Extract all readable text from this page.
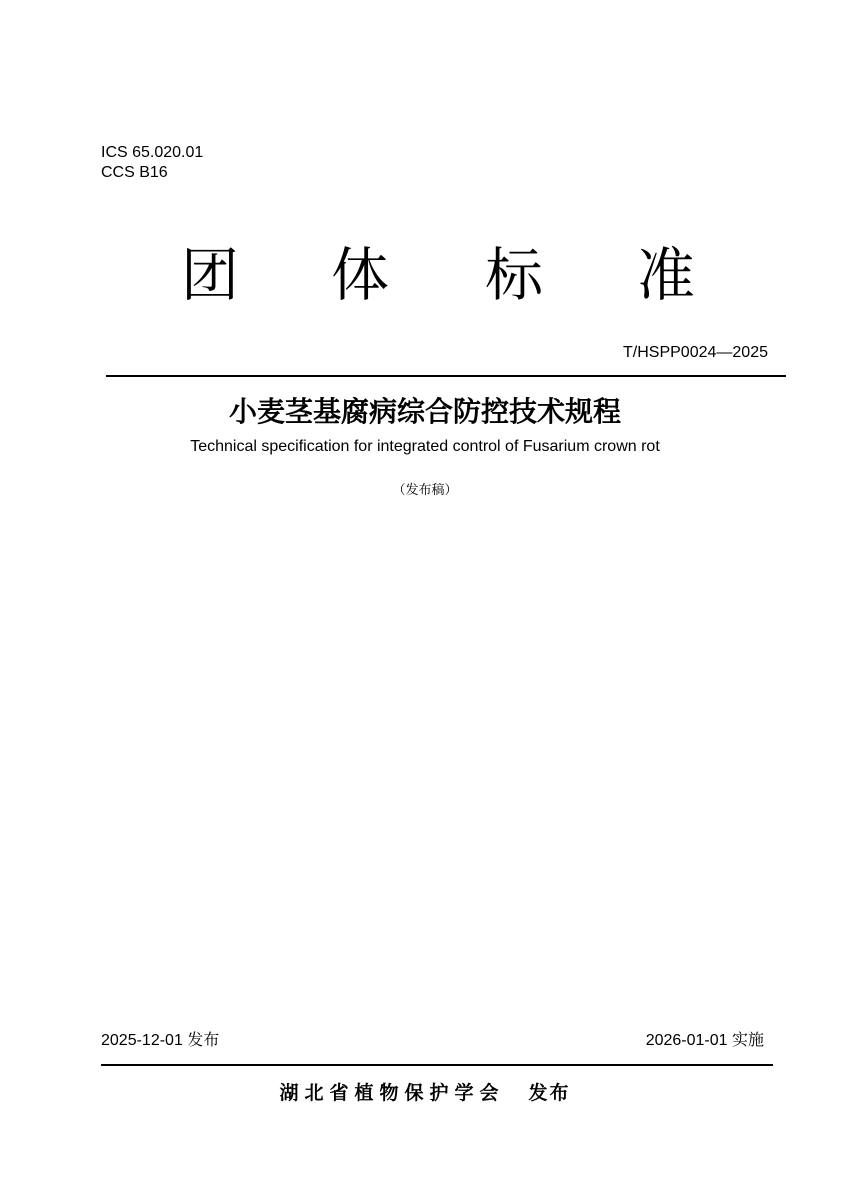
ICS 65.020.01
CCS B16
团 体 标 准
T/HSPP0024—2025
小麦茎基腐病综合防控技术规程
Technical specification for integrated control of Fusarium crown rot
（发布稿）
2025-12-01 发布	2026-01-01 实施
湖北省植物保护学会 发布
